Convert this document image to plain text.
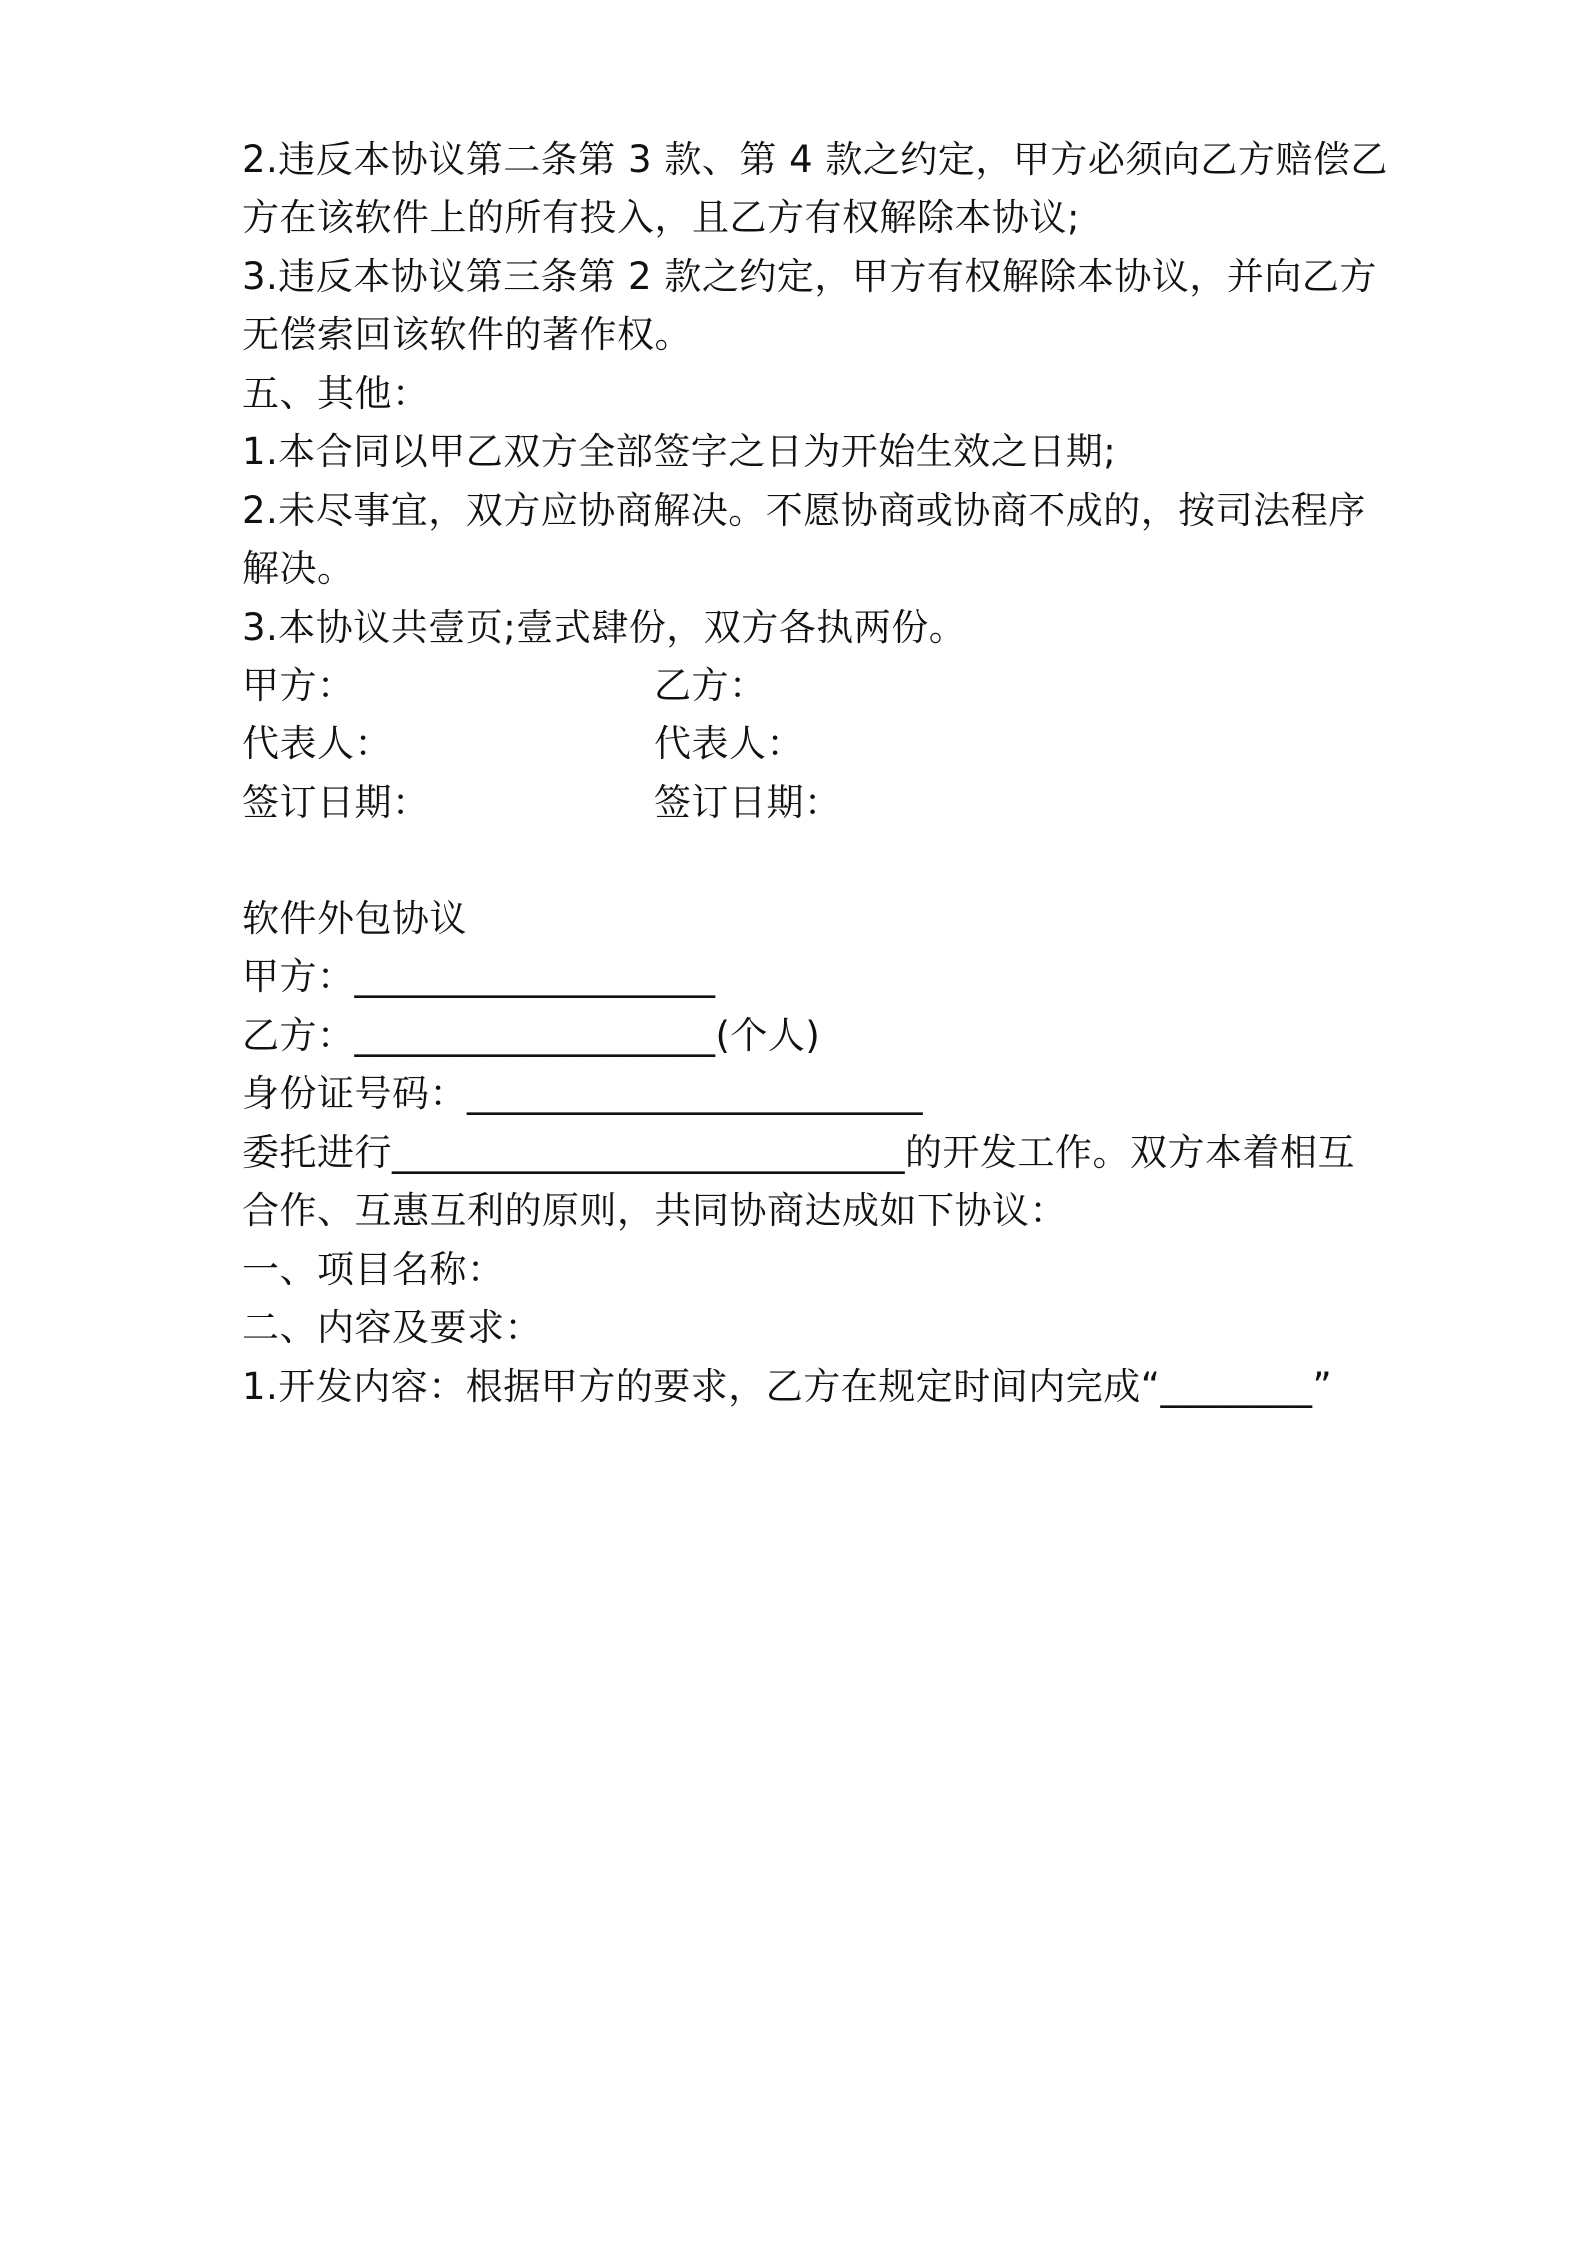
2.违反本协议第二条第 3 款、第 4 款之约定，甲方必须向乙方赔偿乙
方在该软件上的所有投入，且乙方有权解除本协议;
3.违反本协议第三条第 2 款之约定，甲方有权解除本协议，并向乙方
无偿索回该软件的著作权。
五、其他：
1.本合同以甲乙双方全部签字之日为开始生效之日期;
2.未尽事宜，双方应协商解决。不愿协商或协商不成的，按司法程序
解决。
3.本协议共壹页;壹式肆份，双方各执两份。
甲方：	乙方：
代表人：	代表人：
签订日期：	签订日期：
软件外包协议
甲方：___________________
乙方：___________________(个人)
身份证号码：________________________
委托进行___________________________的开发工作。双方本着相互
合作、互惠互利的原则，共同协商达成如下协议：
一、项目名称：
二、内容及要求：
1.开发内容：根据甲方的要求，乙方在规定时间内完成“________”
